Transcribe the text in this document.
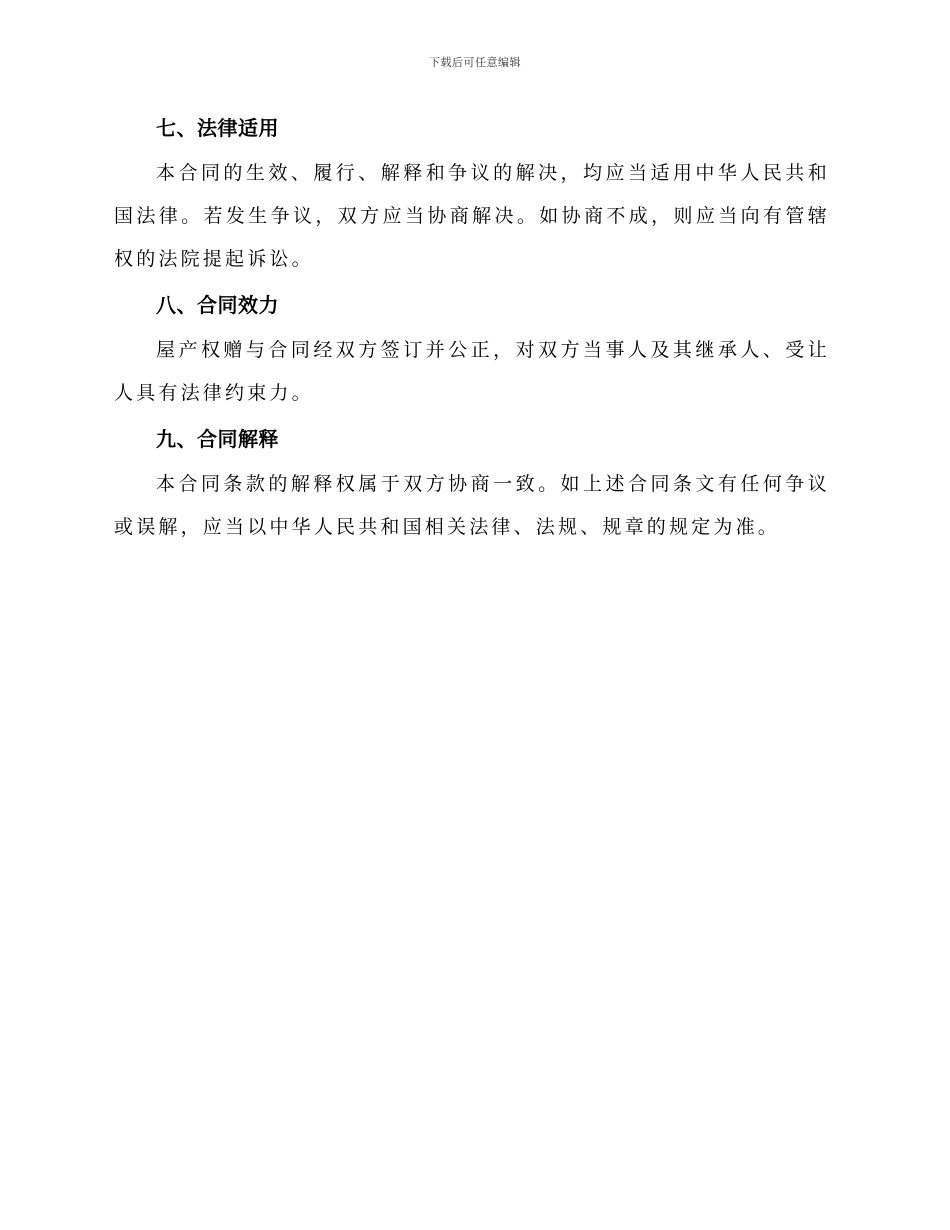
下载后可任意编辑
七、法律适用
本合同的生效、履行、解释和争议的解决，均应当适用中华人民共和国法律。若发生争议，双方应当协商解决。如协商不成，则应当向有管辖权的法院提起诉讼。
八、合同效力
屋产权赠与合同经双方签订并公正，对双方当事人及其继承人、受让人具有法律约束力。
九、合同解释
本合同条款的解释权属于双方协商一致。如上述合同条文有任何争议或误解，应当以中华人民共和国相关法律、法规、规章的规定为准。
